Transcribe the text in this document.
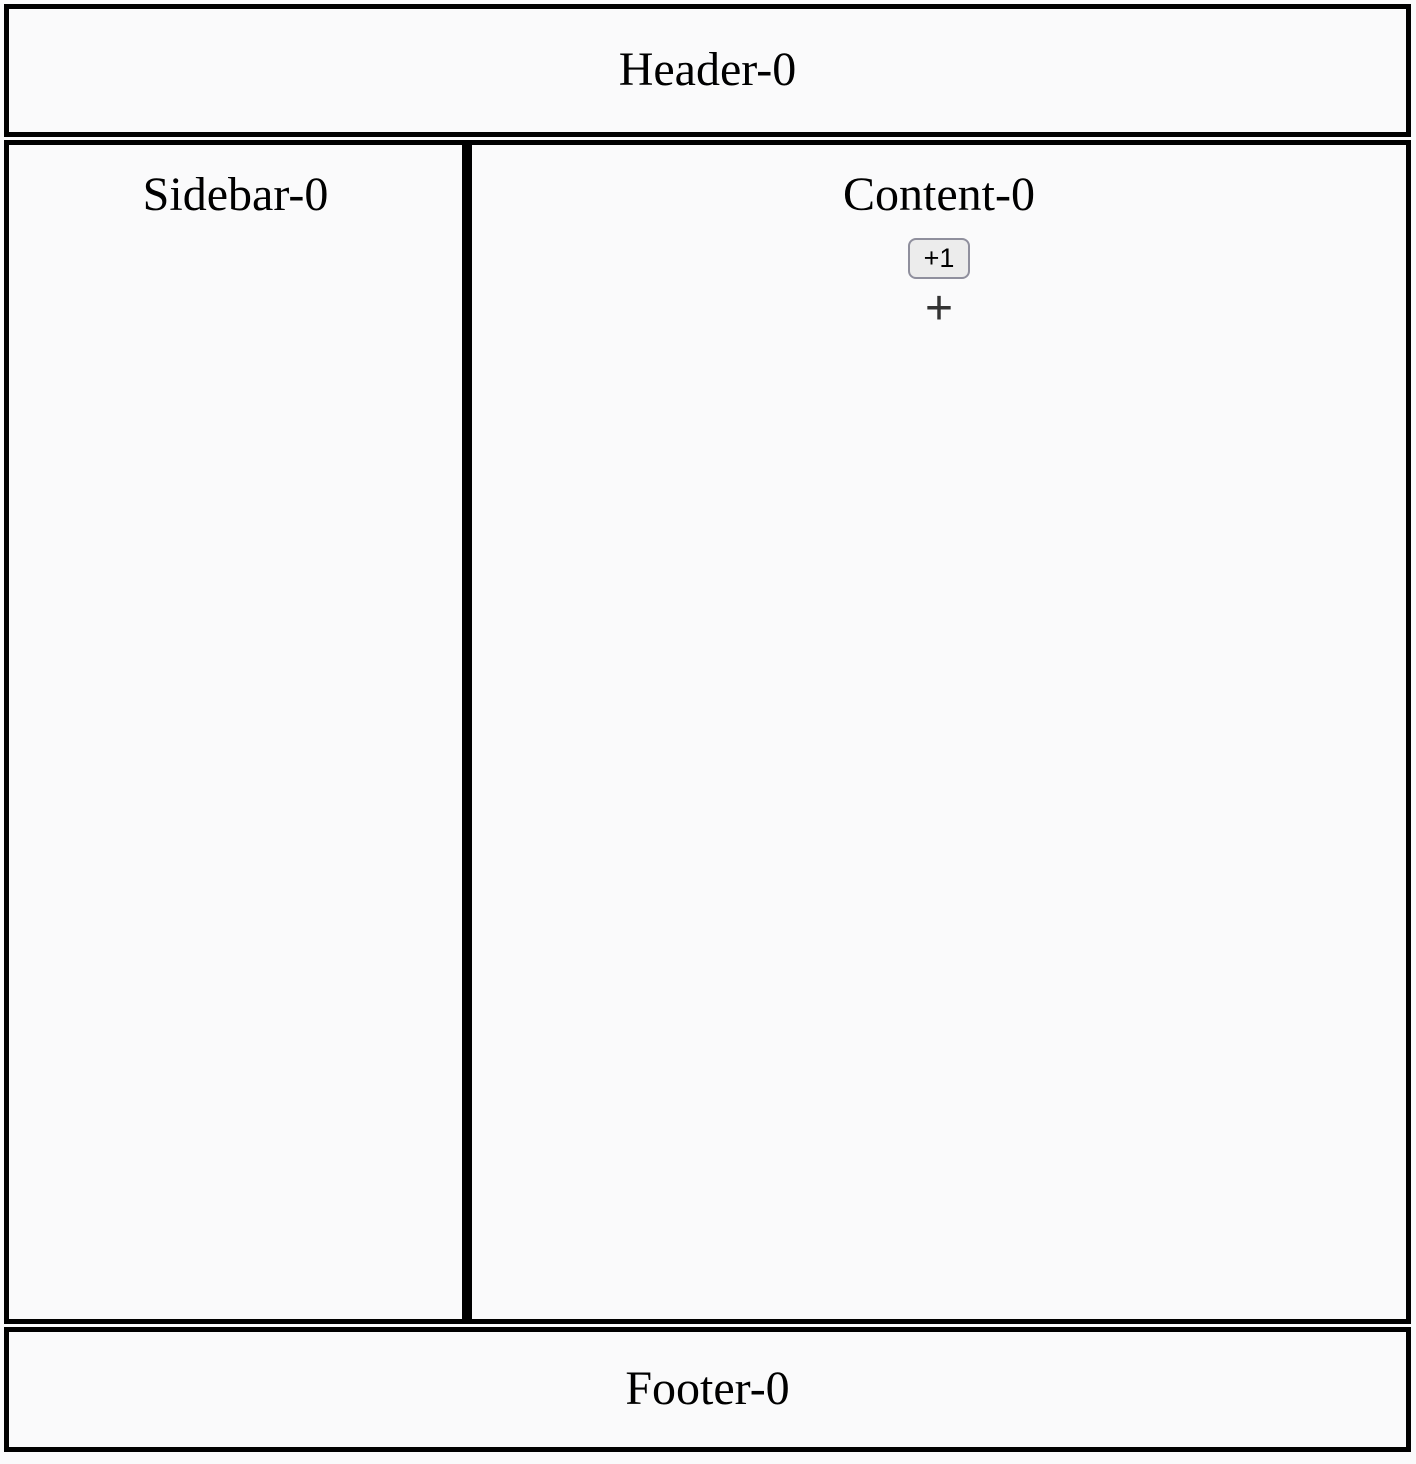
Header-0
Sidebar-0	Content-0
+1
+
Footer-0
